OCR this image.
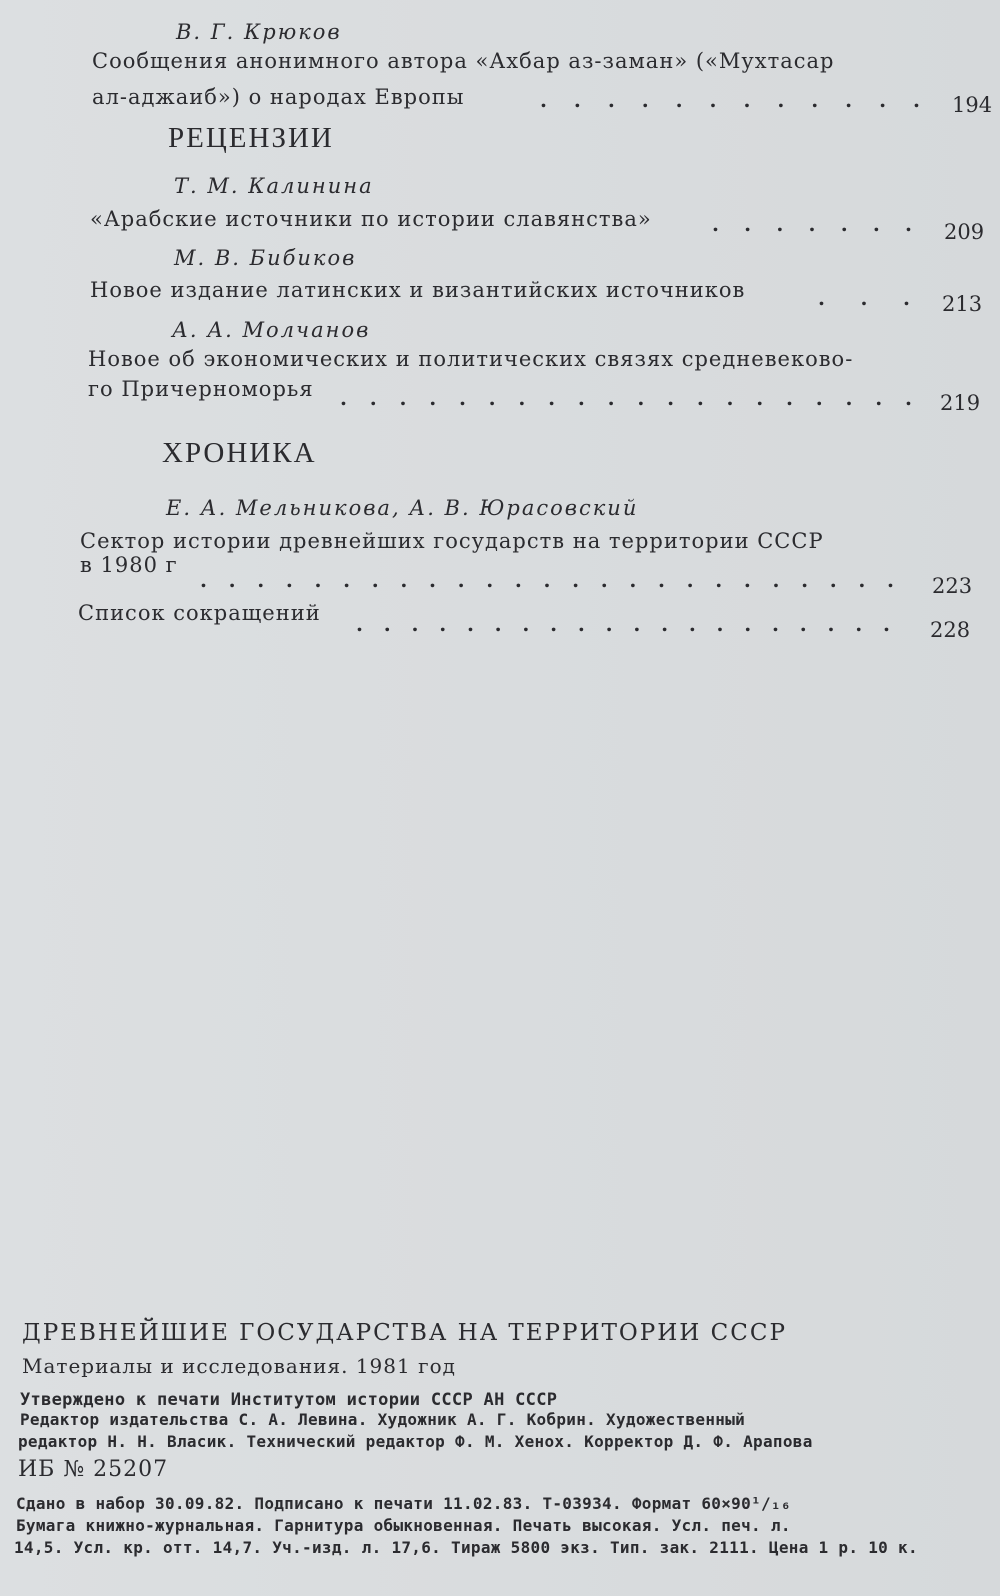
В. Г. Крюков
Сообщения анонимного автора «Ахбар аз-заман» («Мухтасар
ал-аджаиб») о народах Европы	. . . . . . . . . . . . 194
РЕЦЕНЗИИ
Т. М. Калинина
«Арабские источники по истории славянства»	. . . . . . . 209
М. В. Бибиков
Новое издание латинских и византийских источников	. . . 213
А. А. Молчанов
Новое об экономических и политических связях средневеково-
го Причерноморья . . . . . . . . . . . . . . . . . . . . 219
ХРОНИКА
Е. А. Мельникова, А. В. Юрасовский
Сектор истории древнейших государств на территории СССР
в 1980 г
. . . . . . . . . . . . . . . . . . . . . . . . . 223
Список сокращений . . . . . . . . . . . . . . . . . . . . 228
ДРЕВНЕЙШИЕ ГОСУДАРСТВА НА ТЕРРИТОРИИ СССР
Материалы и исследования. 1981 год
Утверждено к печати Институтом истории СССР АН СССР
Редактор издательства С. А. Левина. Художник А. Г. Кобрин. Художественный
редактор Н. Н. Власик. Технический редактор Ф. М. Хенох. Корректор Д. Ф. Арапова
ИБ № 25207
Сдано в набор 30.09.82. Подписано к печати 11.02.83. Т-03934. Формат 60×90¹/₁₆
Бумага книжно-журнальная. Гарнитура обыкновенная. Печать высокая. Усл. печ. л.
14,5. Усл. кр. отт. 14,7. Уч.-изд. л. 17,6. Тираж 5800 экз. Тип. зак. 2111. Цена 1 р. 10 к.
